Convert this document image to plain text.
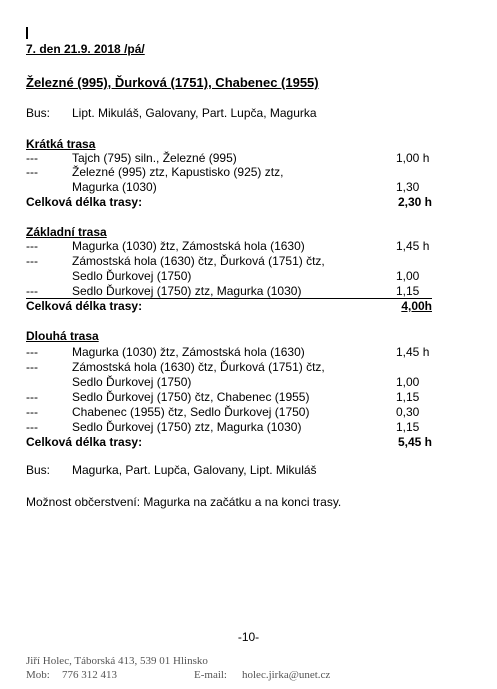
7. den 21.9. 2018 /pá/
Železné (995), Ďurková (1751), Chabenec (1955)
Bus: Lipt. Mikuláš, Galovany, Part. Lupča, Magurka
Krátká trasa
---	Tajch (795) siln., Železné (995)	1,00 h
---	Železné (995) ztz, Kapustisko (925) ztz,
Magurka (1030)	1,30
Celková délka trasy:	2,30 h
Základní trasa
---	Magurka (1030) žtz, Zámostská hola (1630)	1,45 h
---	Zámostská hola (1630) čtz, Ďurková (1751) čtz,
Sedlo Ďurkovej (1750)	1,00
---	Sedlo Ďurkovej (1750) ztz, Magurka (1030)	1,15
Celková délka trasy:	4,00h
Dlouhá trasa
---	Magurka (1030) žtz, Zámostská hola (1630)	1,45 h
---	Zámostská hola (1630) čtz, Ďurková (1751) čtz,
Sedlo Ďurkovej (1750)	1,00
---	Sedlo Ďurkovej (1750) čtz, Chabenec (1955)	1,15
---	Chabenec (1955) čtz, Sedlo Ďurkovej (1750)	0,30
---	Sedlo Ďurkovej (1750) ztz, Magurka (1030)	1,15
Celková délka trasy:	5,45 h
Bus: Magurka, Part. Lupča, Galovany, Lipt. Mikuláš
Možnost občerstvení: Magurka na začátku a na konci trasy.
-10-
Jiří Holec, Táborská 413, 539 01 Hlinsko
Mob: 776 312 413	E-mail: holec.jirka@unet.cz
